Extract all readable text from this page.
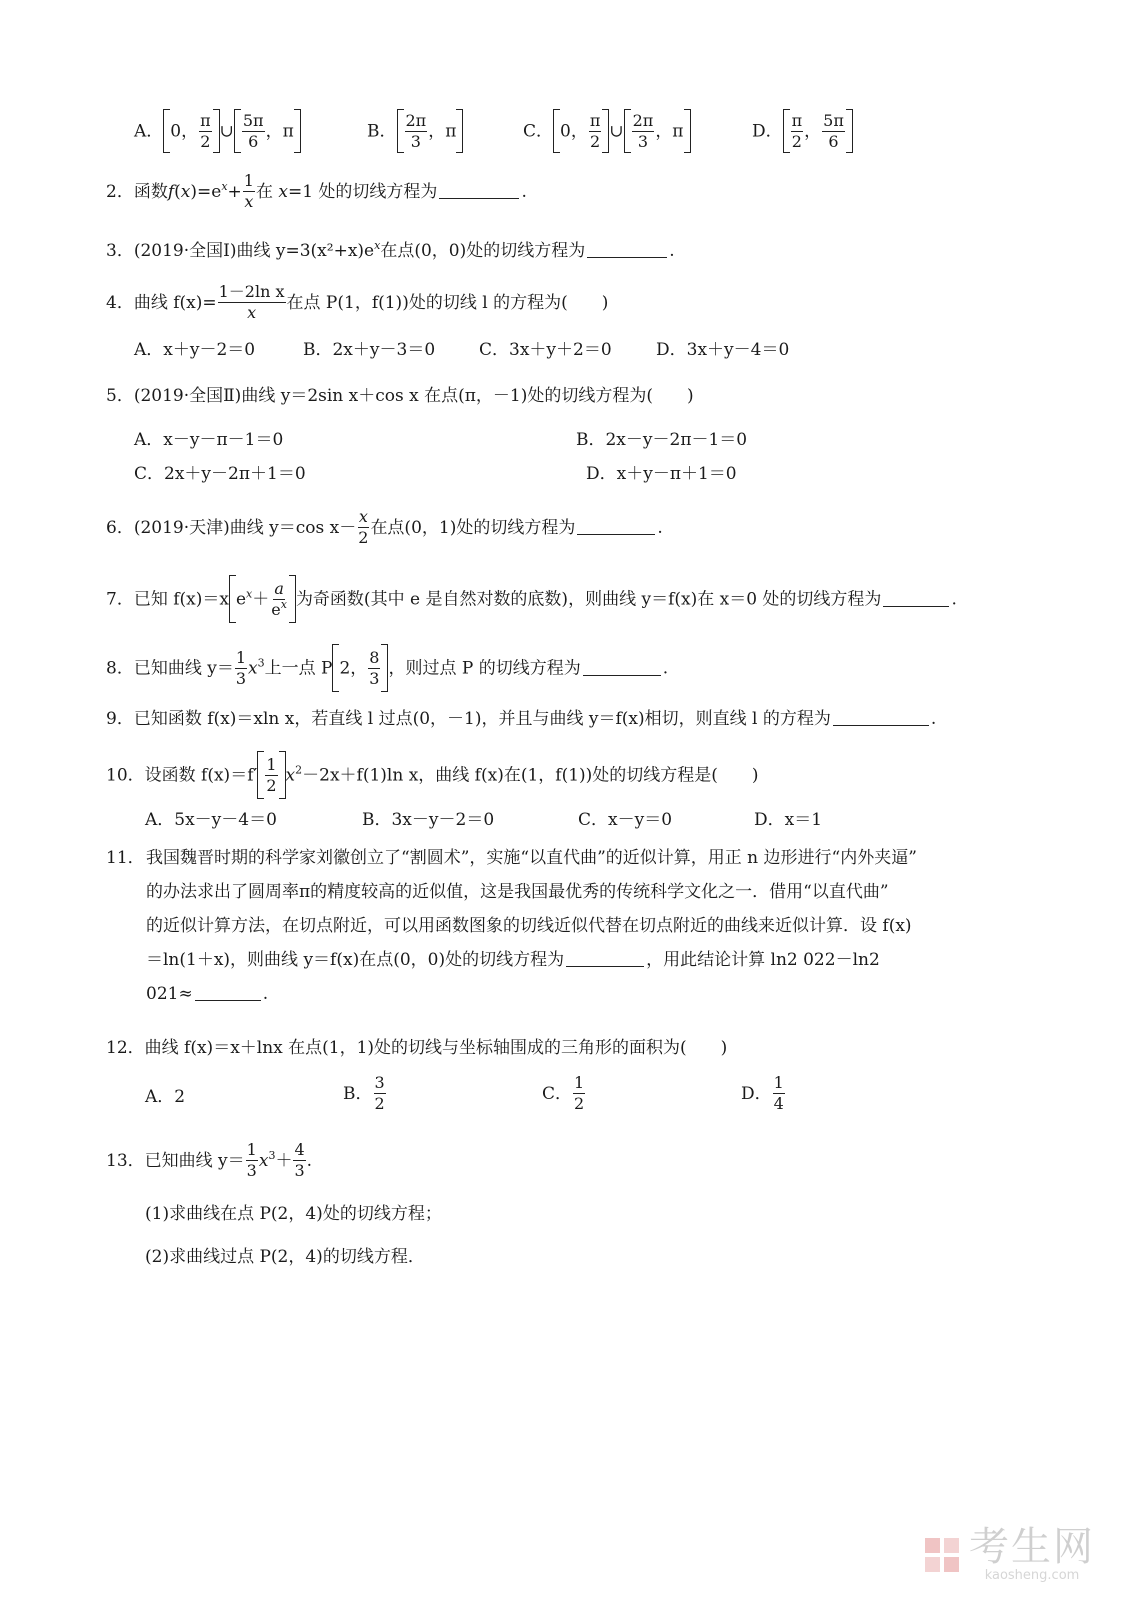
A． 0， $\frac{\pi}{2}$ ∪ $\frac{5\pi}{6}$ ，π	B． $\frac{2\pi}{3}$ ，π	C． 0， $\frac{\pi}{2}$ ∪ $\frac{2\pi}{3}$ ，π	D． $\frac{\pi}{2}$ ， $\frac{5\pi}{6}$
2．函数$f(x)=e^x+ \frac{1}{x}$ 在 x=1 处的切线方程为	.
3．(2019·全国Ⅰ)曲线 $y=3(x^2+x)e^x$在点(0，0)处的切线方程为	.
4．曲线 $f(x)= \frac{\text{1－2ln x}}{x}$ 在点 P(1，f(1))处的切线 l 的方程为(　　)
A．x＋y－2＝0	B．2x＋y－3＝0	C．3x＋y＋2＝0	D．3x＋y－4＝0
5．(2019·全国Ⅱ)曲线 y＝2sin x＋cos x 在点(π，－1)处的切线方程为(　　)
A．x－y－π－1＝0	B．2x－y－2π－1＝0
C．2x＋y－2π＋1＝0	D．x＋y－π＋1＝0
6．(2019·天津)曲线 y＝cos $x- \frac{x}{2}$ 在点(0，1)处的切线方程为	.
7．已知 f(x)＝x $e^x+ \frac{a}{e^x}$ 为奇函数(其中 e 是自然对数的底数)，则曲线 y＝f(x)在 x＝0 处的切线方程为	.
8．已知曲线 $y= \frac{1}{3} x^3$上一点 P 2， $\frac{8}{3}$ ，则过点 P 的切线方程为	.
9．已知函数 f(x)＝xln x，若直线 l 过点(0，－1)，并且与曲线 y＝f(x)相切，则直线 l 的方程为	.
10．设函数 $f(x)=f' \frac{1}{2} x^2-2x+f(1)\ln$ x，曲线 f(x)在(1，f(1))处的切线方程是(　　)
A．5x－y－4＝0	B．3x－y－2＝0	C．x－y＝0	D．x＝1
11． 我国魏晋时期的科学家刘徽创立了“割圆术”，实施“以直代曲”的近似计算，用正 n 边形进行“内外夹逼”
的办法求出了圆周率π的精度较高的近似值，这是我国最优秀的传统科学文化之一．借用“以直代曲”
的近似计算方法，在切点附近，可以用函数图象的切线近似代替在切点附近的曲线来近似计算．设 f(x)
＝ln(1＋x)，则曲线 y＝f(x)在点(0，0)处的切线方程为	，用此结论计算 ln2 022－ln2
021≈	.
12．曲线 f(x)＝x＋lnx 在点(1，1)处的切线与坐标轴围成的三角形的面积为(　　)
A．2	B． $\frac{3}{2}$	C． $\frac{1}{2}$	D． $\frac{1}{4}$
13．已知曲线 $y= \frac{1}{3} x^3+ \frac{4}{3}$ .
(1)求曲线在点 P(2，4)处的切线方程；
(2)求曲线过点 P(2，4)的切线方程．
考生网
kaosheng.com
